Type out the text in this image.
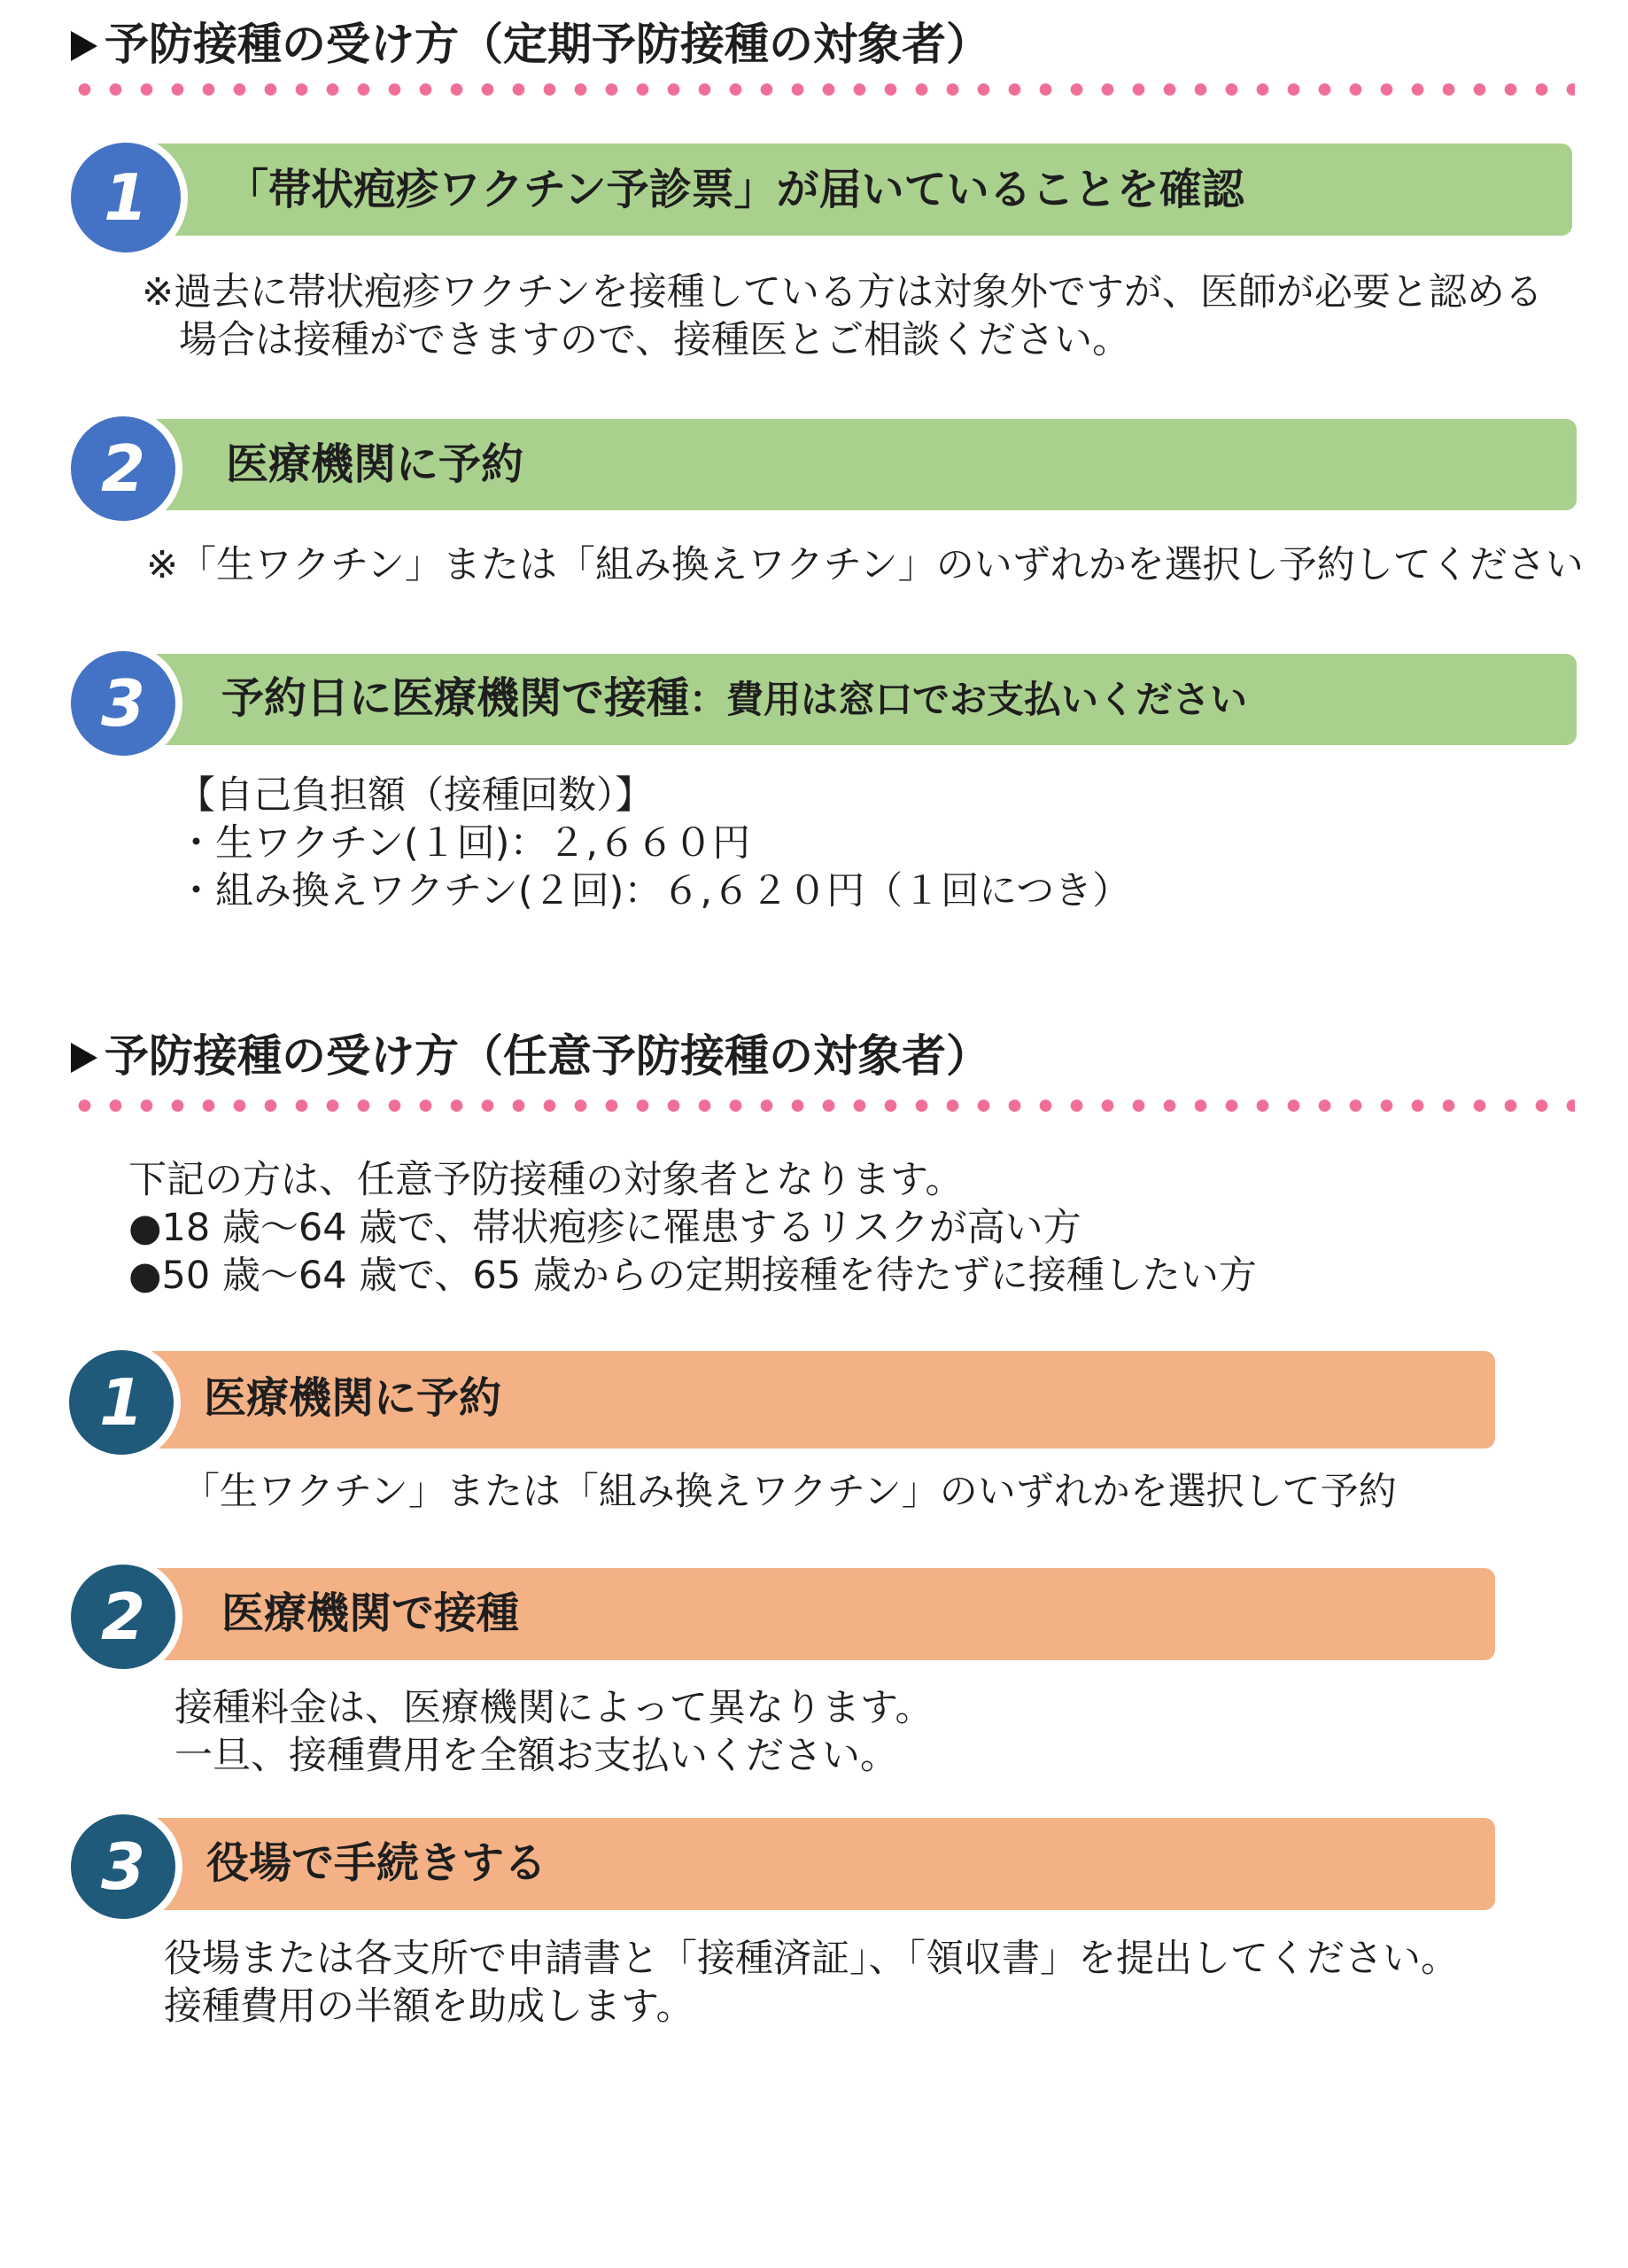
予防接種の受け方（定期予防接種の対象者）
「帯状疱疹ワクチン予診票」が届いていることを確認
1
※過去に帯状疱疹ワクチンを接種している方は対象外ですが、医師が必要と認める
場合は接種ができますので、接種医とご相談ください。
医療機関に予約
2
※「生ワクチン」または「組み換えワクチン」のいずれかを選択し予約してください
予約日に医療機関で接種：費用は窓口でお支払いください
3
【自己負担額（接種回数）】
・生ワクチン(１回)：２,６６０円
・組み換えワクチン(２回)：６,６２０円（１回につき）
予防接種の受け方（任意予防接種の対象者）
下記の方は、任意予防接種の対象者となります。
●18 歳～64 歳で、帯状疱疹に罹患するリスクが高い方
●50 歳～64 歳で、65 歳からの定期接種を待たずに接種したい方
医療機関に予約
1
「生ワクチン」または「組み換えワクチン」のいずれかを選択して予約
医療機関で接種
2
接種料金は、医療機関によって異なります。
一旦、接種費用を全額お支払いください。
役場で手続きする
3
役場または各支所で申請書と「接種済証」、「領収書」を提出してください。
接種費用の半額を助成します。
